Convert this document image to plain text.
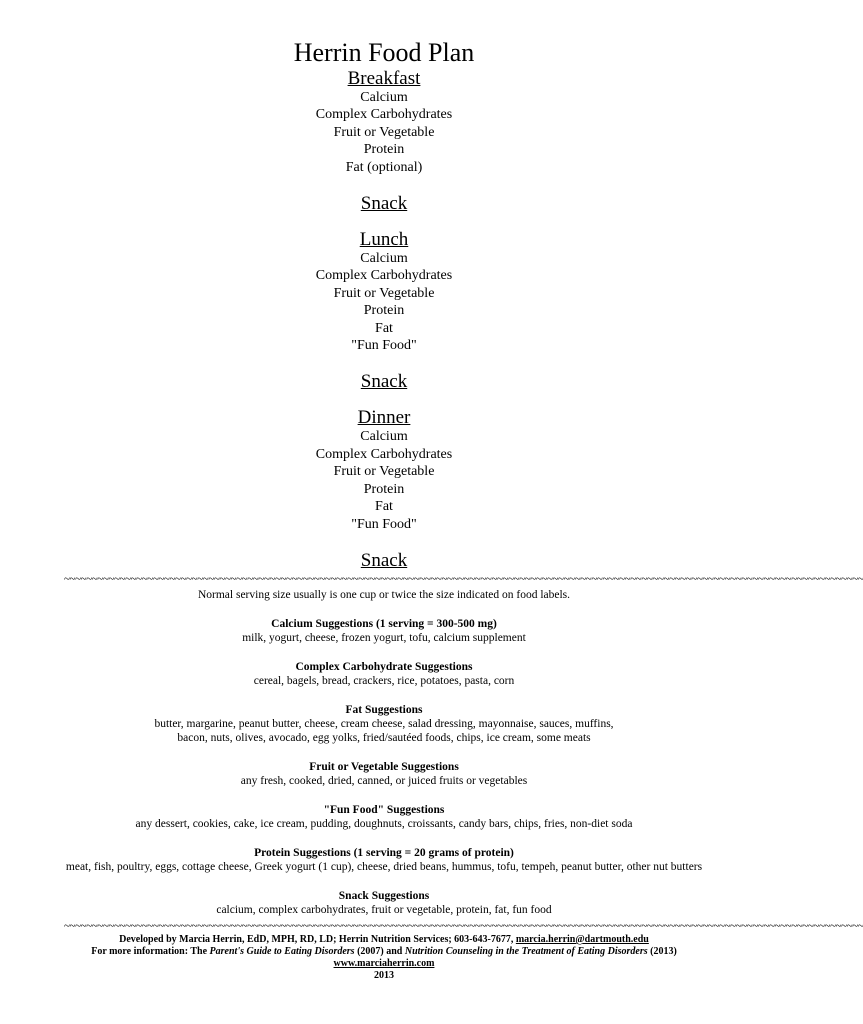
Herrin Food Plan
Breakfast
Calcium
Complex Carbohydrates
Fruit or Vegetable
Protein
Fat (optional)
Snack
Lunch
Calcium
Complex Carbohydrates
Fruit or Vegetable
Protein
Fat
"Fun Food"
Snack
Dinner
Calcium
Complex Carbohydrates
Fruit or Vegetable
Protein
Fat
"Fun Food"
Snack
~~~~~~~~~~~~~~~~~~~~~~~~~~~~~~~~~~~~~~~~~~~~~~~~~~~~~~~~~~~~~~~~~~~~~~~~~~~~~~~~~~~~~~~~~~~~~~~~~~~~~~~~~~~~~~~~~~~~~~~~~~~~~~~~~~~~~~~~~~~~~~~~
Normal serving size usually is one cup or twice the size indicated on food labels.
Calcium Suggestions (1 serving = 300-500 mg)
milk, yogurt, cheese, frozen yogurt, tofu, calcium supplement
Complex Carbohydrate Suggestions
cereal, bagels, bread, crackers, rice, potatoes, pasta, corn
Fat Suggestions
butter, margarine, peanut butter, cheese, cream cheese, salad dressing, mayonnaise, sauces, muffins,
bacon, nuts, olives, avocado, egg yolks, fried/sautéed foods, chips, ice cream, some meats
Fruit or Vegetable Suggestions
any fresh, cooked, dried, canned, or juiced fruits or vegetables
"Fun Food" Suggestions
any dessert, cookies, cake, ice cream, pudding, doughnuts, croissants, candy bars, chips, fries, non-diet soda
Protein Suggestions (1 serving = 20 grams of protein)
meat, fish, poultry, eggs, cottage cheese, Greek yogurt (1 cup), cheese, dried beans, hummus, tofu, tempeh, peanut butter, other nut butters
Snack Suggestions
calcium, complex carbohydrates, fruit or vegetable, protein, fat, fun food
~~~~~~~~~~~~~~~~~~~~~~~~~~~~~~~~~~~~~~~~~~~~~~~~~~~~~~~~~~~~~~~~~~~~~~~~~~~~~~~~~~~~~~~~~~~~~~~~~~~~~~~~~~~~~~~~~~~~~~~~~~~~~~~~~~~~~~~~~~~~~~~~
Developed by Marcia Herrin, EdD, MPH, RD, LD; Herrin Nutrition Services; 603-643-7677, marcia.herrin@dartmouth.edu
For more information: The Parent's Guide to Eating Disorders (2007) and Nutrition Counseling in the Treatment of Eating Disorders (2013)
www.marciaherrin.com
2013
